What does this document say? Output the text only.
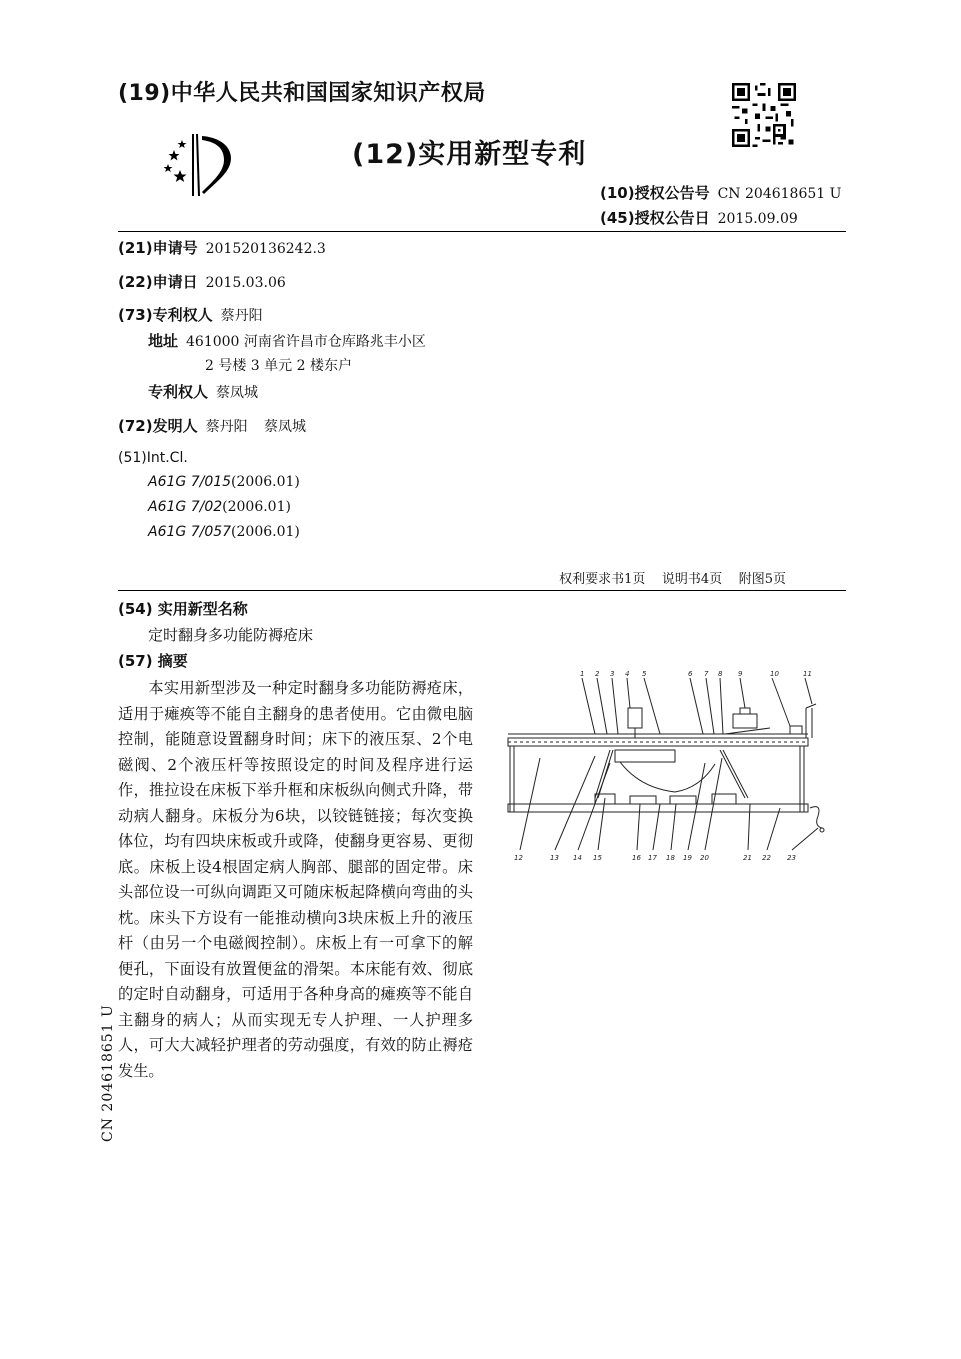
(19)中华人民共和国国家知识产权局
(12)实用新型专利
(10)授权公告号 CN 204618651 U
(45)授权公告日 2015.09.09
(21)申请号 201520136242.3
(22)申请日 2015.03.06
(73)专利权人 蔡丹阳
地址 461000 河南省许昌市仓库路兆丰小区
2 号楼 3 单元 2 楼东户
专利权人 蔡凤城
(72)发明人 蔡丹阳 蔡凤城
(51)Int.Cl.
A61G 7/015(2006.01)
A61G 7/02(2006.01)
A61G 7/057(2006.01)
权利要求书1页    说明书4页    附图5页
(54) 实用新型名称
定时翻身多功能防褥疮床
(57) 摘要

本实用新型涉及一种定时翻身多功能防褥疮床，适用于瘫痪等不能自主翻身的患者使用。它由微电脑控制，能随意设置翻身时间；床下的液压泵、2个电磁阀、2个液压杆等按照设定的时间及程序进行运作，推拉设在床板下举升框和床板纵向侧式升降，带动病人翻身。床板分为6块，以铰链链接；每次变换体位，均有四块床板或升或降，使翻身更容易、更彻底。床板上设4根固定病人胸部、腿部的固定带。床头部位设一可纵向调距又可随床板起降横向弯曲的头枕。床头下方设有一能推动横向3块床板上升的液压杆（由另一个电磁阀控制）。床板上有一可拿下的解便孔，下面设有放置便盆的滑架。本床能有效、彻底的定时自动翻身，可适用于各种身高的瘫痪等不能自主翻身的病人；从而实现无专人护理、一人护理多人，可大大减轻护理者的劳动强度，有效的防止褥疮发生。

1 2 3 4 5	6 7 8 9	10	11
12	13 14 15	16 17 18 19 20	21 22 23
CN 204618651 U
